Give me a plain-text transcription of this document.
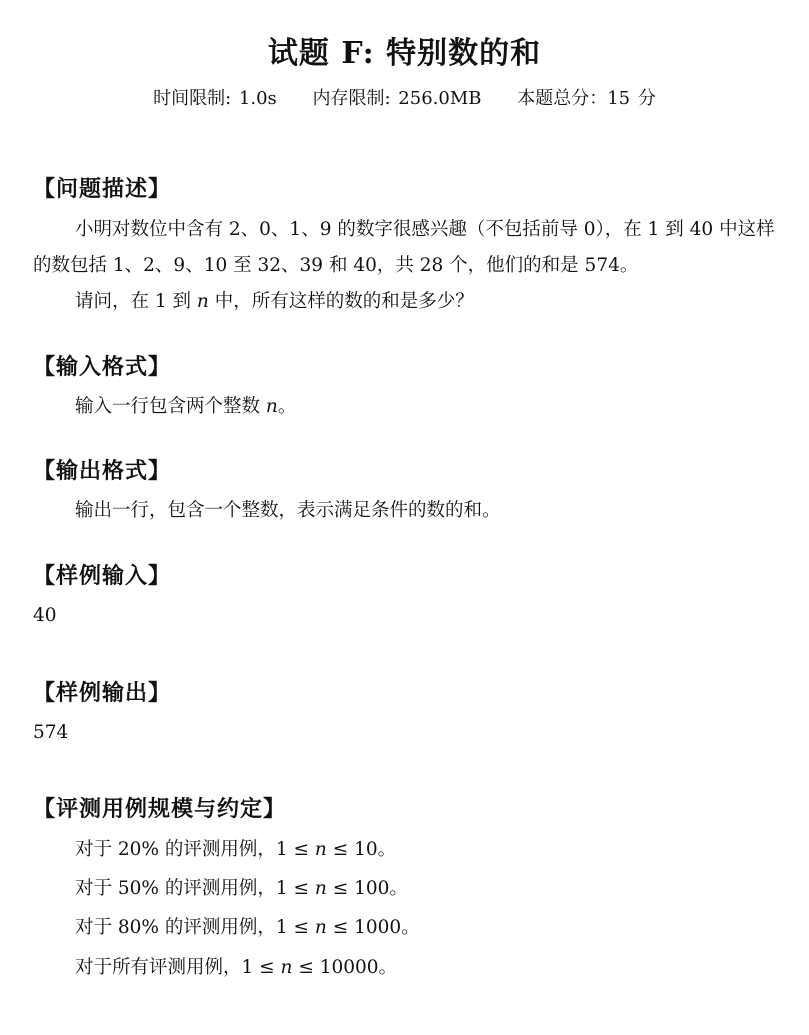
试题 F: 特别数的和
时间限制: 1.0s 内存限制: 256.0MB 本题总分：15 分
【问题描述】
小明对数位中含有 2、0、1、9 的数字很感兴趣（不包括前导 0），在 1 到 40 中这样的数包括 1、2、9、10 至 32、39 和 40，共 28 个，他们的和是 574。
请问，在 1 到 n 中，所有这样的数的和是多少？
【输入格式】
输入一行包含两个整数 n。
【输出格式】
输出一行，包含一个整数，表示满足条件的数的和。
【样例输入】
40
【样例输出】
574
【评测用例规模与约定】
对于 20% 的评测用例，1 ≤ n ≤ 10。
对于 50% 的评测用例，1 ≤ n ≤ 100。
对于 80% 的评测用例，1 ≤ n ≤ 1000。
对于所有评测用例，1 ≤ n ≤ 10000。
